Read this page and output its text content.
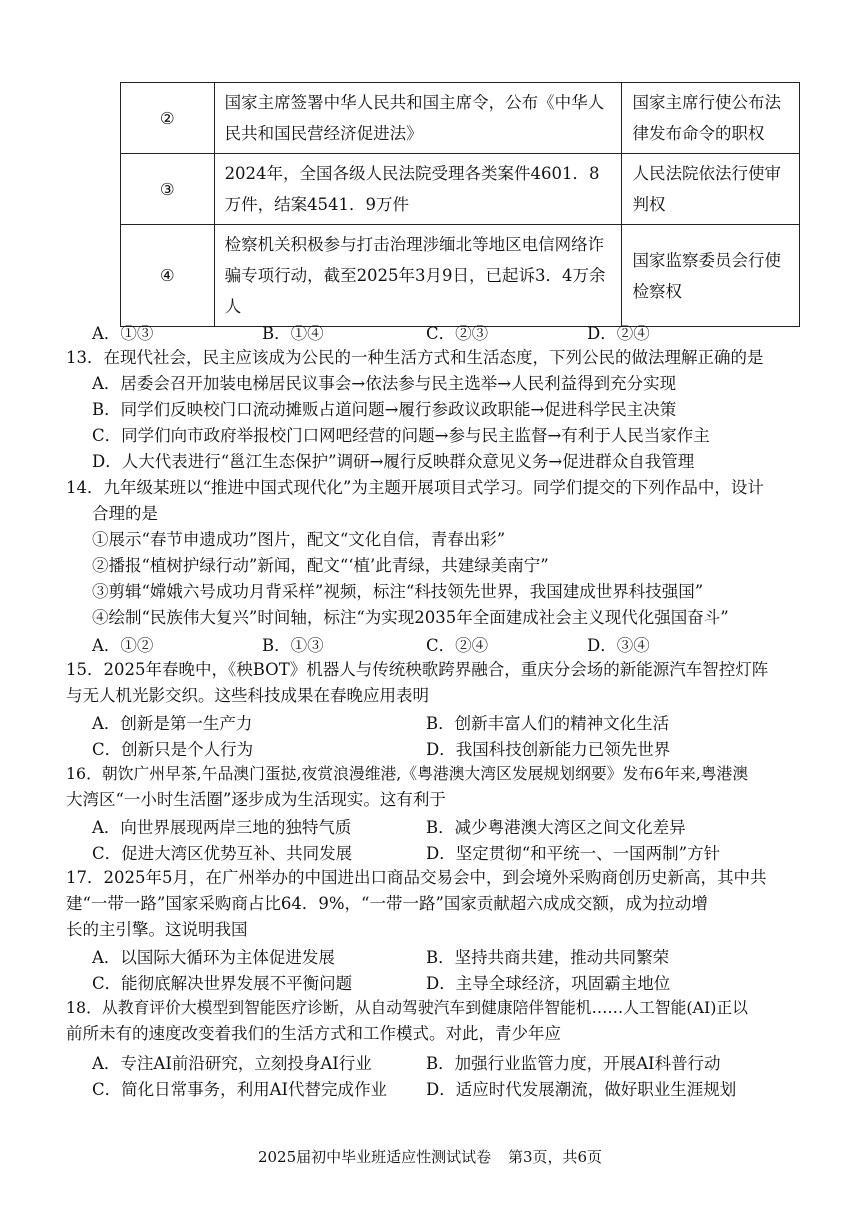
②	国家主席签署中华人民共和国主席令，公布《中华人民共和国民营经济促进法》	国家主席行使公布法律发布命令的职权
③	2024年，全国各级人民法院受理各类案件4601．8万件，结案4541．9万件	人民法院依法行使审判权
④	检察机关积极参与打击治理涉缅北等地区电信网络诈骗专项行动，截至2025年3月9日，已起诉3．4万余人	国家监察委员会行使检察权
A．①③	B．①④	C．②③	D．②④
13．在现代社会，民主应该成为公民的一种生活方式和生活态度，下列公民的做法理解正确的是
A．居委会召开加装电梯居民议事会→依法参与民主选举→人民利益得到充分实现
B．同学们反映校门口流动摊贩占道问题→履行参政议政职能→促进科学民主决策
C．同学们向市政府举报校门口网吧经营的问题→参与民主监督→有利于人民当家作主
D．人大代表进行“邕江生态保护”调研→履行反映群众意见义务→促进群众自我管理
14．九年级某班以“推进中国式现代化”为主题开展项目式学习。同学们提交的下列作品中，设计
合理的是
①展示“春节申遗成功”图片，配文“文化自信，青春出彩”
②播报“植树护绿行动”新闻，配文“‘植’此青绿，共建绿美南宁”
③剪辑“嫦娥六号成功月背采样”视频，标注“科技领先世界，我国建成世界科技强国”
④绘制“民族伟大复兴”时间轴，标注“为实现2035年全面建成社会主义现代化强国奋斗”
A．①②	B．①③	C．②④	D．③④
15．2025年春晚中，《秧BOT》机器人与传统秧歌跨界融合，重庆分会场的新能源汽车智控灯阵
与无人机光影交织。这些科技成果在春晚应用表明
A．创新是第一生产力	B．创新丰富人们的精神文化生活
C．创新只是个人行为	D．我国科技创新能力已领先世界
16．朝饮广州早茶,午品澳门蛋挞,夜赏浪漫维港,《粤港澳大湾区发展规划纲要》发布6年来,粤港澳
大湾区“一小时生活圈”逐步成为生活现实。这有利于
A．向世界展现两岸三地的独特气质	B．减少粤港澳大湾区之间文化差异
C．促进大湾区优势互补、共同发展	D．坚定贯彻“和平统一、一国两制”方针
17．2025年5月，在广州举办的中国进出口商品交易会中，到会境外采购商创历史新高，其中共
建“一带一路”国家采购商占比64．9%，“一带一路”国家贡献超六成成交额，成为拉动增
长的主引擎。这说明我国
A．以国际大循环为主体促进发展	B．坚持共商共建，推动共同繁荣
C．能彻底解决世界发展不平衡问题	D．主导全球经济，巩固霸主地位
18．从教育评价大模型到智能医疗诊断，从自动驾驶汽车到健康陪伴智能机……人工智能(AI)正以
前所未有的速度改变着我们的生活方式和工作模式。对此，青少年应
A．专注AI前沿研究，立刻投身AI行业	B．加强行业监管力度，开展AI科普行动
C．简化日常事务，利用AI代替完成作业 D．适应时代发展潮流，做好职业生涯规划
2025届初中毕业班适应性测试试卷 第3页，共6页
